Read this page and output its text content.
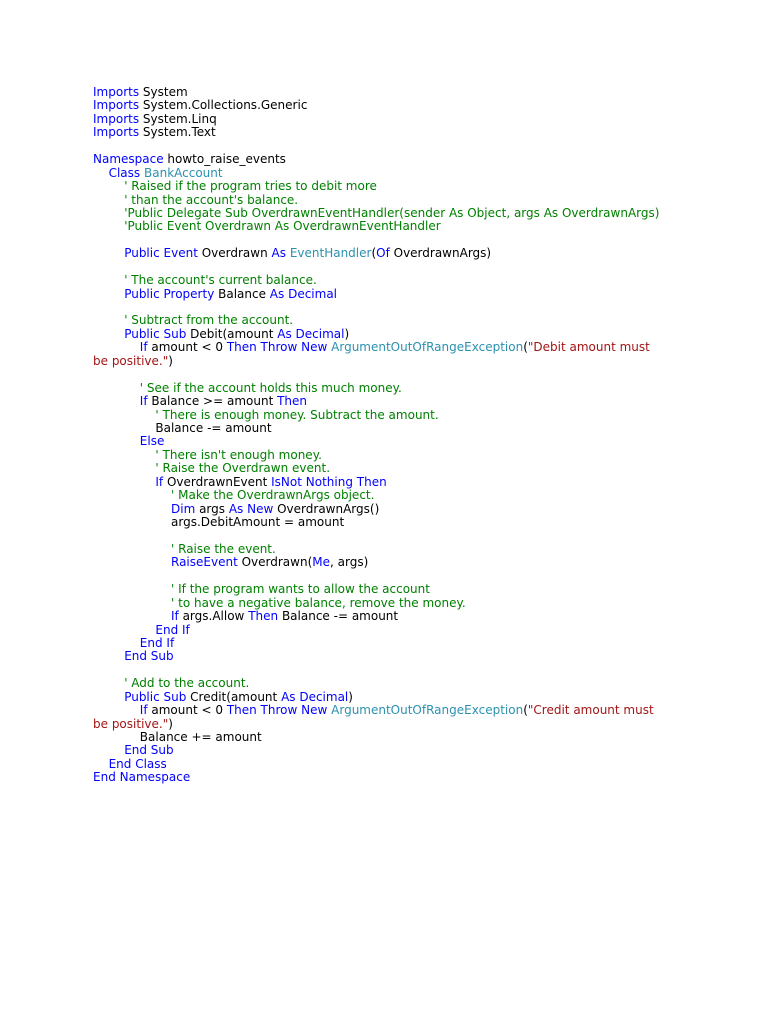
Imports System
Imports System.Collections.Generic
Imports System.Linq
Imports System.Text
Namespace howto_raise_events
Class BankAccount
' Raised if the program tries to debit more
' than the account's balance.
'Public Delegate Sub OverdrawnEventHandler(sender As Object, args As OverdrawnArgs)
'Public Event Overdrawn As OverdrawnEventHandler
Public Event Overdrawn As EventHandler(Of OverdrawnArgs)
' The account's current balance.
Public Property Balance As Decimal
' Subtract from the account.
Public Sub Debit(amount As Decimal)
If amount < 0 Then Throw New ArgumentOutOfRangeException("Debit amount must
be positive.")
' See if the account holds this much money.
If Balance >= amount Then
' There is enough money. Subtract the amount.
Balance -= amount
Else
' There isn't enough money.
' Raise the Overdrawn event.
If OverdrawnEvent IsNot Nothing Then
' Make the OverdrawnArgs object.
Dim args As New OverdrawnArgs()
args.DebitAmount = amount
' Raise the event.
RaiseEvent Overdrawn(Me, args)
' If the program wants to allow the account
' to have a negative balance, remove the money.
If args.Allow Then Balance -= amount
End If
End If
End Sub
' Add to the account.
Public Sub Credit(amount As Decimal)
If amount < 0 Then Throw New ArgumentOutOfRangeException("Credit amount must
be positive.")
Balance += amount
End Sub
End Class
End Namespace
